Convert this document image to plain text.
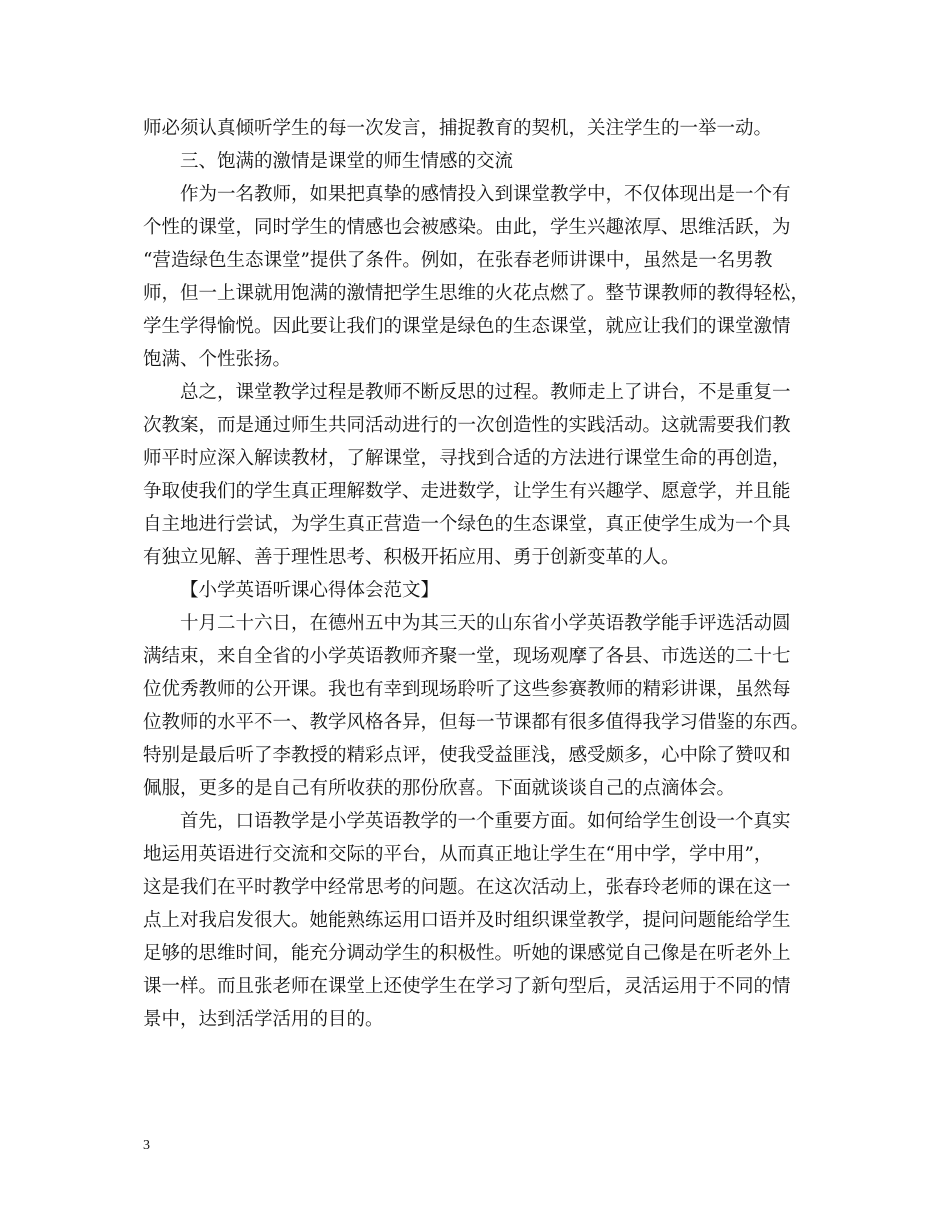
师必须认真倾听学生的每一次发言，捕捉教育的契机，关注学生的一举一动。
三、饱满的激情是课堂的师生情感的交流
作为一名教师，如果把真挚的感情投入到课堂教学中，不仅体现出是一个有
个性的课堂，同时学生的情感也会被感染。由此，学生兴趣浓厚、思维活跃，为
“营造绿色生态课堂”提供了条件。例如，在张春老师讲课中，虽然是一名男教
师，但一上课就用饱满的激情把学生思维的火花点燃了。整节课教师的教得轻松，
学生学得愉悦。因此要让我们的课堂是绿色的生态课堂，就应让我们的课堂激情
饱满、个性张扬。
总之，课堂教学过程是教师不断反思的过程。教师走上了讲台，不是重复一
次教案，而是通过师生共同活动进行的一次创造性的实践活动。这就需要我们教
师平时应深入解读教材，了解课堂，寻找到合适的方法进行课堂生命的再创造，
争取使我们的学生真正理解数学、走进数学，让学生有兴趣学、愿意学，并且能
自主地进行尝试，为学生真正营造一个绿色的生态课堂，真正使学生成为一个具
有独立见解、善于理性思考、积极开拓应用、勇于创新变革的人。
【小学英语听课心得体会范文】
十月二十六日，在德州五中为其三天的山东省小学英语教学能手评选活动圆
满结束，来自全省的小学英语教师齐聚一堂，现场观摩了各县、市选送的二十七
位优秀教师的公开课。我也有幸到现场聆听了这些参赛教师的精彩讲课，虽然每
位教师的水平不一、教学风格各异，但每一节课都有很多值得我学习借鉴的东西。
特别是最后听了李教授的精彩点评，使我受益匪浅，感受颇多，心中除了赞叹和
佩服，更多的是自己有所收获的那份欣喜。下面就谈谈自己的点滴体会。
首先，口语教学是小学英语教学的一个重要方面。如何给学生创设一个真实
地运用英语进行交流和交际的平台，从而真正地让学生在“用中学，学中用”，
这是我们在平时教学中经常思考的问题。在这次活动上，张春玲老师的课在这一
点上对我启发很大。她能熟练运用口语并及时组织课堂教学，提问问题能给学生
足够的思维时间，能充分调动学生的积极性。听她的课感觉自己像是在听老外上
课一样。而且张老师在课堂上还使学生在学习了新句型后，灵活运用于不同的情
景中，达到活学活用的目的。
3
